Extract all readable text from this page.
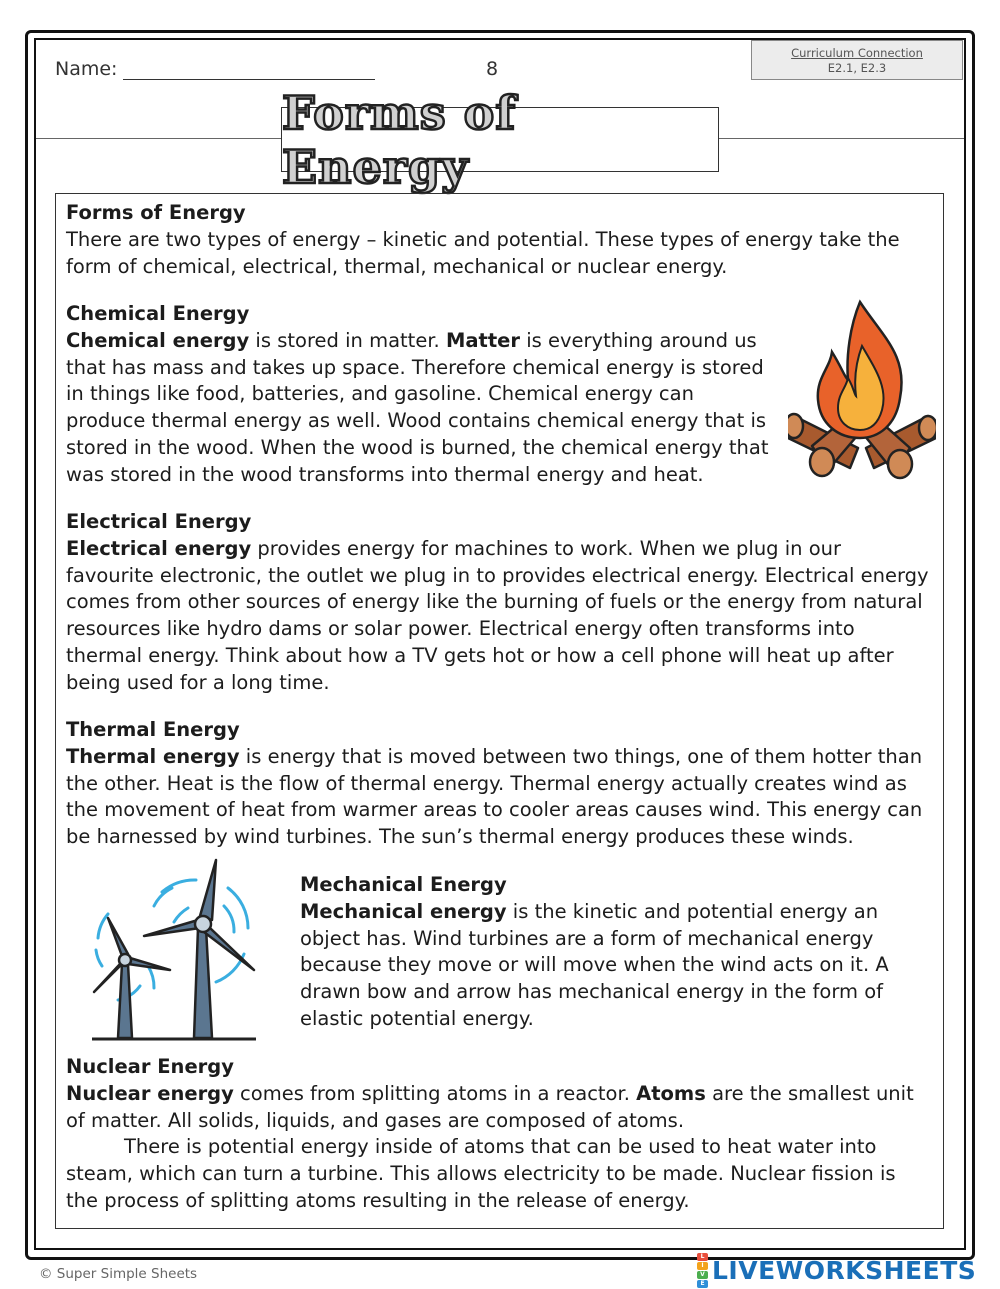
Name:	8
Curriculum Connection
E2.1, E2.3
Forms of Energy
Forms of Energy
There are two types of energy – kinetic and potential. These types of energy take the form of chemical, electrical, thermal, mechanical or nuclear energy.
Chemical Energy
Chemical energy is stored in matter. Matter is everything around us that has mass and takes up space. Therefore chemical energy is stored in things like food, batteries, and gasoline. Chemical energy can produce thermal energy as well. Wood contains chemical energy that is stored in the wood. When the wood is burned, the chemical energy that was stored in the wood transforms into thermal energy and heat.
Electrical Energy
Electrical energy provides energy for machines to work. When we plug in our favourite electronic, the outlet we plug in to provides electrical energy. Electrical energy comes from other sources of energy like the burning of fuels or the energy from natural resources like hydro dams or solar power. Electrical energy often transforms into thermal energy. Think about how a TV gets hot or how a cell phone will heat up after being used for a long time.
Thermal Energy
Thermal energy is energy that is moved between two things, one of them hotter than the other. Heat is the flow of thermal energy. Thermal energy actually creates wind as the movement of heat from warmer areas to cooler areas causes wind. This energy can be harnessed by wind turbines. The sun’s thermal energy produces these winds.
Mechanical Energy
Mechanical energy is the kinetic and potential energy an object has. Wind turbines are a form of mechanical energy because they move or will move when the wind acts on it. A drawn bow and arrow has mechanical energy in the form of elastic potential energy.
Nuclear Energy
Nuclear energy comes from splitting atoms in a reactor. Atoms are the smallest unit of matter. All solids, liquids, and gases are composed of atoms.
There is potential energy inside of atoms that can be used to heat water into steam, which can turn a turbine. This allows electricity to be made. Nuclear fission is the process of splitting atoms resulting in the release of energy.
© Super Simple Sheets
L
I
V
E LIVEWORKSHEETS
